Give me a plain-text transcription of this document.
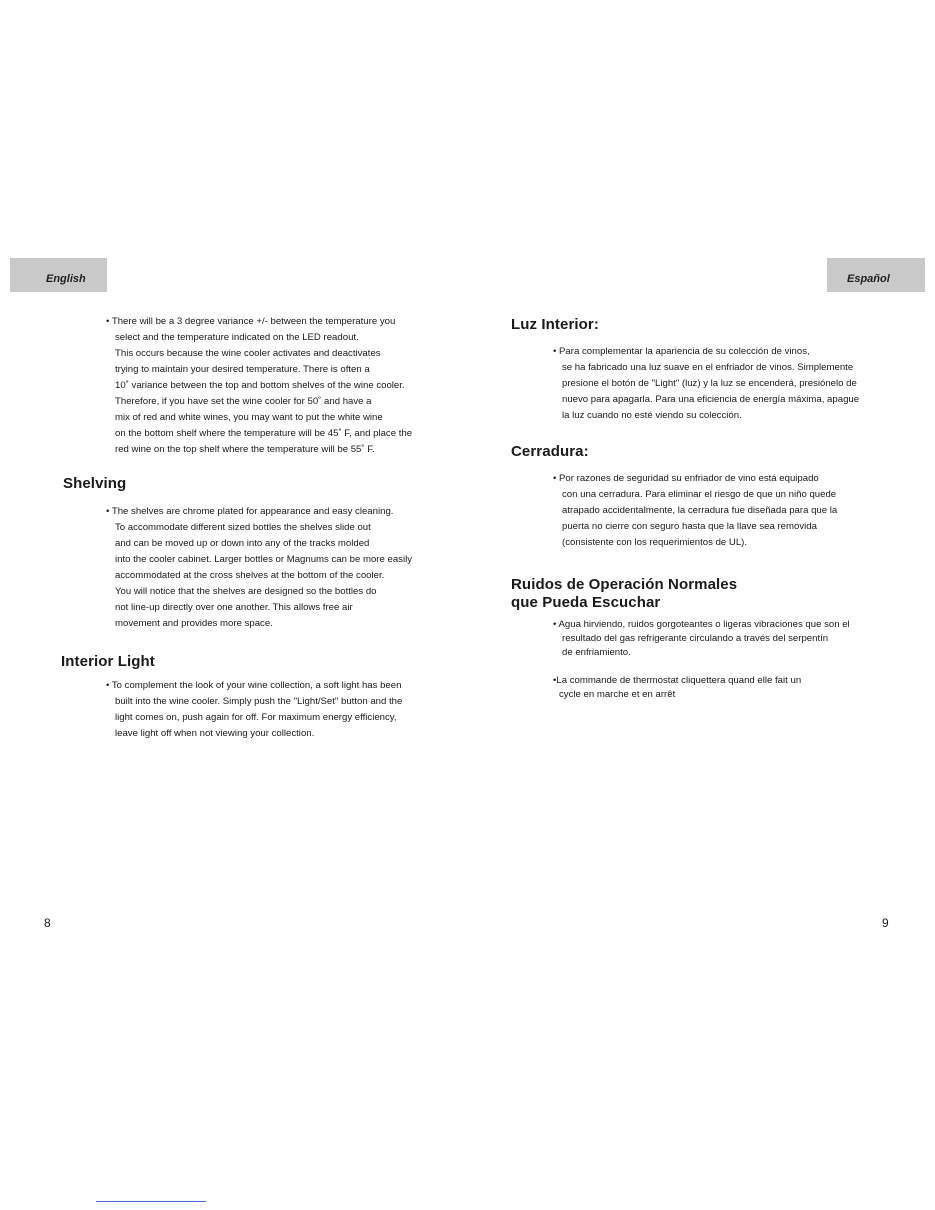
English	Español
• There will be a 3 degree variance +/- between the temperature you
select and the temperature indicated on the LED readout.
This occurs because the wine cooler activates and deactivates
trying to maintain your desired temperature. There is often a
10˚ variance between the top and bottom shelves of the wine cooler.
Therefore, if you have set the wine cooler for 50˚ and have a
mix of red and white wines, you may want to put the white wine
on the bottom shelf where the temperature will be 45˚ F, and place the
red wine on the top shelf where the temperature will be 55˚ F.
Shelving
• The shelves are chrome plated for appearance and easy cleaning.
To accommodate different sized bottles the shelves slide out
and can be moved up or down into any of the tracks molded
into the cooler cabinet. Larger bottles or Magnums can be more easily
accommodated at the cross shelves at the bottom of the cooler.
You will notice that the shelves are designed so the bottles do
not line-up directly over one another. This allows free air
movement and provides more space.
Interior Light
• To complement the look of your wine collection, a soft light has been
built into the wine cooler. Simply push the "Light/Set" button and the
light comes on, push again for off. For maximum energy efficiency,
leave light off when not viewing your collection.
8
Luz Interior:
• Para complementar la apariencia de su colección de vinos,
se ha fabricado una luz suave en el enfriador de vinos. Simplemente
presione el botón de "Light" (luz) y la luz se encenderá, presiónelo de
nuevo para apagarla. Para una eficiencia de energía máxima, apague
la luz cuando no esté viendo su colección.
Cerradura:
• Por razones de seguridad su enfriador de vino está equipado
con una cerradura. Para eliminar el riesgo de que un niño quede
atrapado accidentalmente, la cerradura fue diseñada para que la
puerta no cierre con seguro hasta que la llave sea removida
(consistente con los requerimientos de UL).
Ruidos de Operación Normales
que Pueda Escuchar
• Agua hirviendo, ruidos gorgoteantes o ligeras vibraciones que son el
resultado del gas refrigerante circulando a través del serpentín
de enfriamiento.
•La commande de thermostat cliquettera quand elle fait un
cycle en marche et en arrêt
9
